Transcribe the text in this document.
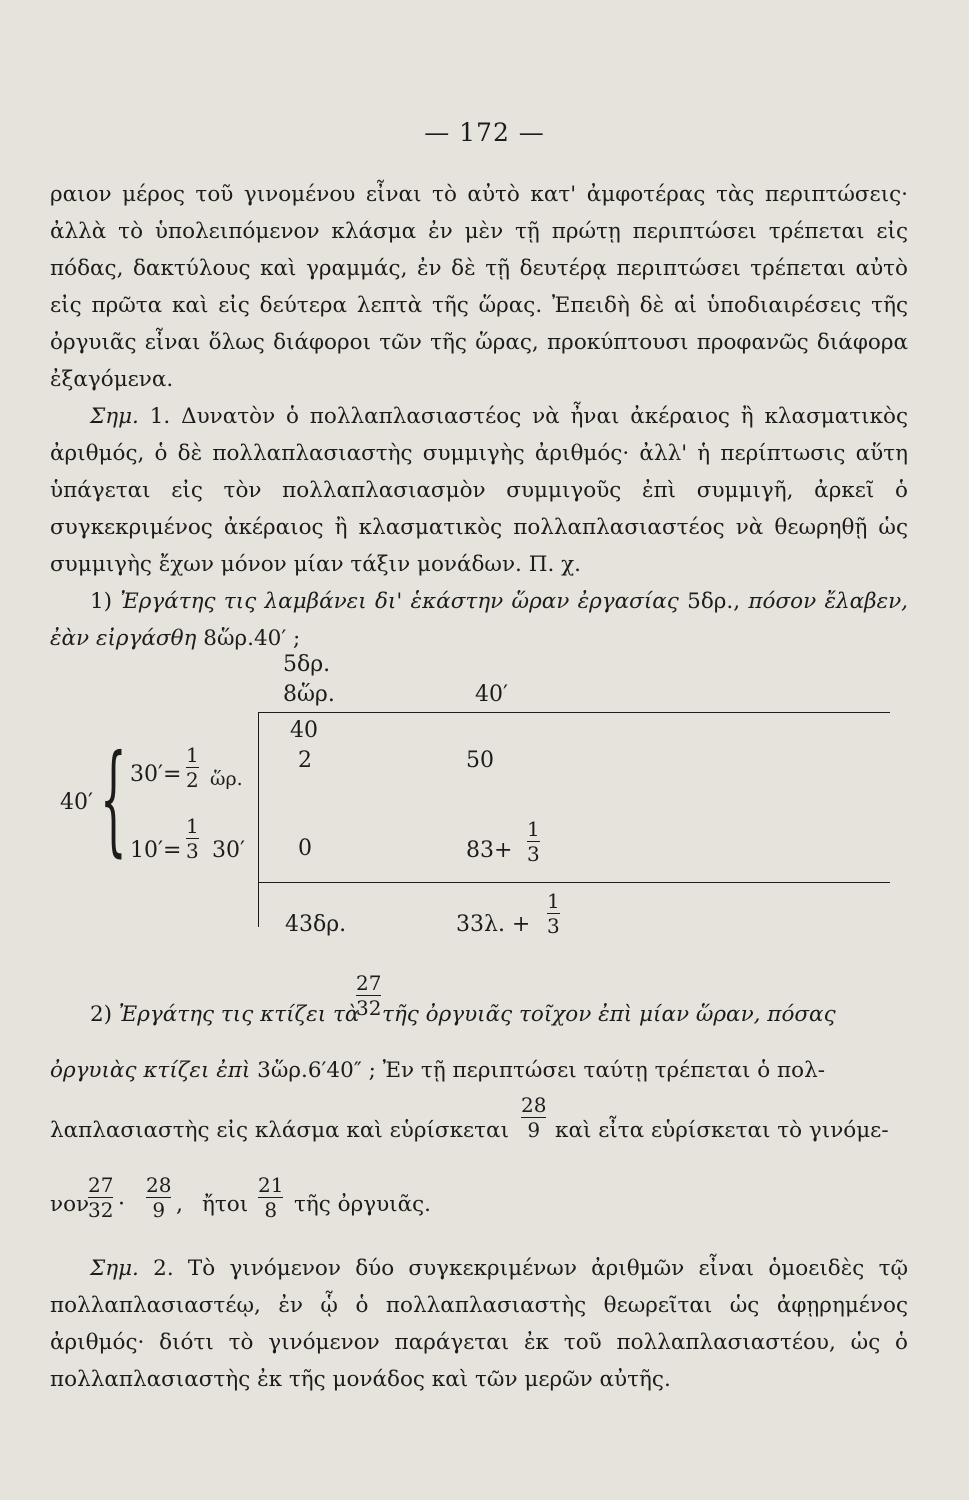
— 172 —
ραιον μέρος τοῦ γινομένου εἶναι τὸ αὐτὸ κατ' ἀμφοτέρας τὰς περιπτώσεις· ἀλλὰ τὸ ὑπολειπόμενον κλάσμα ἐν μὲν τῇ πρώτῃ περιπτώσει τρέπεται εἰς πόδας, δακτύλους καὶ γραμμάς, ἐν δὲ τῇ δευτέρᾳ περιπτώσει τρέπεται αὐτὸ εἰς πρῶτα καὶ εἰς δεύτερα λεπτὰ τῆς ὥρας. Ἐπειδὴ δὲ αἱ ὑποδιαιρέσεις τῆς ὀργυιᾶς εἶναι ὅλως διάφοροι τῶν τῆς ὥρας, προκύπτουσι προφανῶς διάφορα ἐξαγόμενα.
Σημ. 1. Δυνατὸν ὁ πολλαπλασιαστέος νὰ ἦναι ἀκέραιος ἢ κλασματικὸς ἀριθμός, ὁ δὲ πολλαπλασιαστὴς συμμιγὴς ἀριθμός· ἀλλ' ἡ περίπτωσις αὕτη ὑπάγεται εἰς τὸν πολλαπλασιασμὸν συμμιγοῦς ἐπὶ συμμιγῆ, ἀρκεῖ ὁ συγκεκριμένος ἀκέραιος ἢ κλασματικὸς πολλαπλασιαστέος νὰ θεωρηθῇ ὡς συμμιγὴς ἔχων μόνον μίαν τάξιν μονάδων. Π. χ.
1) Ἐργάτης τις λαμβάνει δι' ἑκάστην ὥραν ἐργασίας 5δρ., πόσον ἔλαβεν, ἐὰν εἰργάσθη 8ὥρ.40′ ;
5δρ.
8ὥρ.	40′
40′ { 30′=
1
2 ὥρ.
10′=
1
3 30′
40
2
0
50
83+
1
3
43δρ.	33λ. +
1
3
2) Ἐργάτης τις κτίζει τὰ
27
32 τῆς ὀργυιᾶς τοῖχον ἐπὶ μίαν ὥραν, πόσας
ὀργυιὰς κτίζει ἐπὶ 3ὥρ.6′40″ ; Ἐν τῇ περιπτώσει ταύτῃ τρέπεται ὁ πολ-
λαπλασιαστὴς εἰς κλάσμα καὶ εὑρίσκεται
28
9 καὶ εἶτα εὑρίσκεται τὸ γινόμε-
νον
27
32 ·
28
9 , ἤτοι
21
8 τῆς ὀργυιᾶς.
Σημ. 2. Τὸ γινόμενον δύο συγκεκριμένων ἀριθμῶν εἶναι ὁμοειδὲς τῷ πολλαπλασιαστέῳ, ἐν ᾧ ὁ πολλαπλασιαστὴς θεωρεῖται ὡς ἀφῃρημένος ἀριθμός· διότι τὸ γινόμενον παράγεται ἐκ τοῦ πολλαπλασιαστέου, ὡς ὁ πολλαπλασιαστὴς ἐκ τῆς μονάδος καὶ τῶν μερῶν αὐτῆς.
